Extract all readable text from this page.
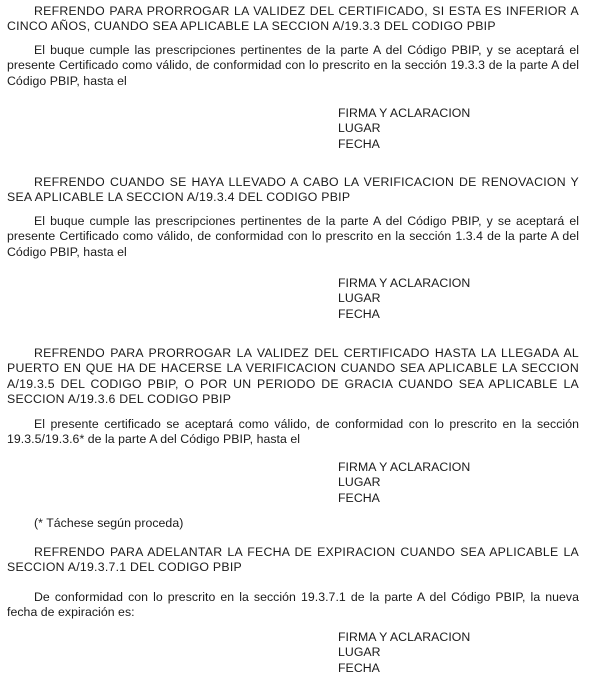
REFRENDO PARA PRORROGAR LA VALIDEZ DEL CERTIFICADO, SI ESTA ES INFERIOR A CINCO AÑOS, CUANDO SEA APLICABLE LA SECCION A/19.3.3 DEL CODIGO PBIP

El buque cumple las prescripciones pertinentes de la parte A del Código PBIP, y se aceptará el presente Certificado como válido, de conformidad con lo prescrito en la sección 19.3.3 de la parte A del Código PBIP, hasta el

FIRMA Y ACLARACION
LUGAR
FECHA

REFRENDO CUANDO SE HAYA LLEVADO A CABO LA VERIFICACION DE RENOVACION Y SEA APLICABLE LA SECCION A/19.3.4 DEL CODIGO PBIP

El buque cumple las prescripciones pertinentes de la parte A del Código PBIP, y se aceptará el presente Certificado como válido, de conformidad con lo prescrito en la sección 1.3.4 de la parte A del Código PBIP, hasta el

FIRMA Y ACLARACION
LUGAR
FECHA

REFRENDO PARA PRORROGAR LA VALIDEZ DEL CERTIFICADO HASTA LA LLEGADA AL PUERTO EN QUE HA DE HACERSE LA VERIFICACION CUANDO SEA APLICABLE LA SECCION A/19.3.5 DEL CODIGO PBIP, O POR UN PERIODO DE GRACIA CUANDO SEA APLICABLE LA SECCION A/19.3.6 DEL CODIGO PBIP

El presente certificado se aceptará como válido, de conformidad con lo prescrito en la sección 19.3.5/19.3.6* de la parte A del Código PBIP, hasta el

FIRMA Y ACLARACION
LUGAR
FECHA
(* Táchese según proceda)

REFRENDO PARA ADELANTAR LA FECHA DE EXPIRACION CUANDO SEA APLICABLE LA SECCION A/19.3.7.1 DEL CODIGO PBIP

De conformidad con lo prescrito en la sección 19.3.7.1 de la parte A del Código PBIP, la nueva fecha de expiración es:

FIRMA Y ACLARACION
LUGAR
FECHA
